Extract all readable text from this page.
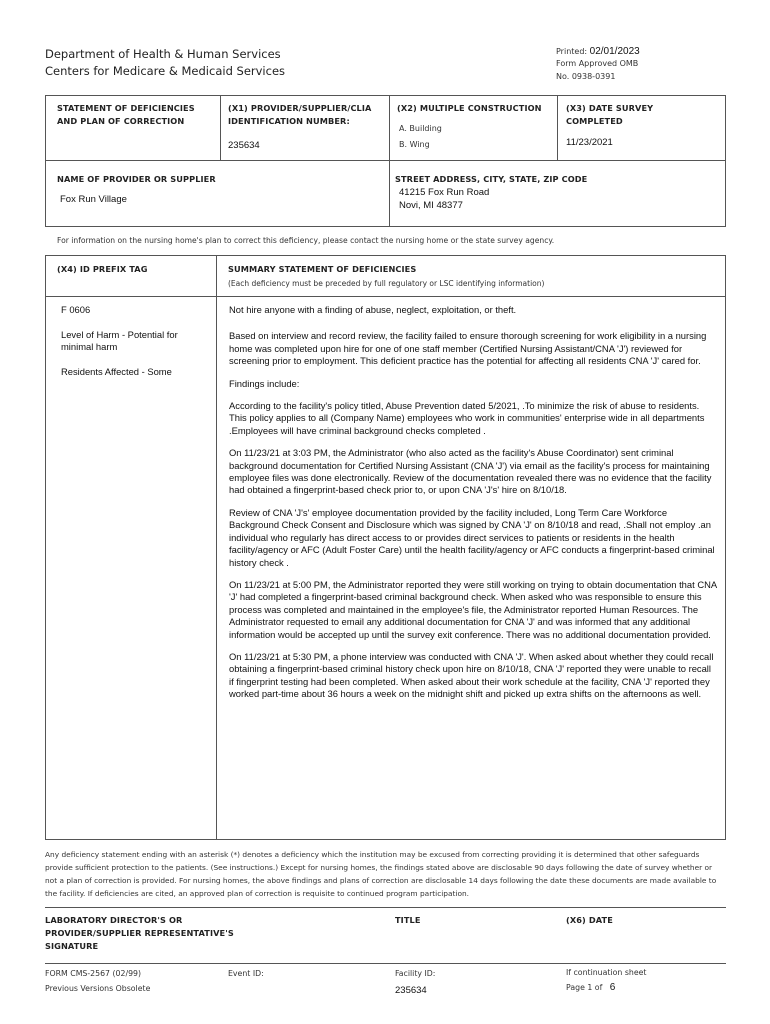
Department of Health & Human Services
Centers for Medicare & Medicaid Services
Printed: 02/01/2023
Form Approved OMB
No. 0938-0391
STATEMENT OF DEFICIENCIES AND PLAN OF CORRECTION
(X1) PROVIDER/SUPPLIER/CLIA IDENTIFICATION NUMBER:
235634
(X2) MULTIPLE CONSTRUCTION
A. Building
B. Wing
(X3) DATE SURVEY COMPLETED
11/23/2021
NAME OF PROVIDER OR SUPPLIER
Fox Run Village
STREET ADDRESS, CITY, STATE, ZIP CODE
41215 Fox Run Road
Novi, MI 48377
For information on the nursing home's plan to correct this deficiency, please contact the nursing home or the state survey agency.
(X4) ID PREFIX TAG	SUMMARY STATEMENT OF DEFICIENCIES
(Each deficiency must be preceded by full regulatory or LSC identifying information)
F 0606
Level of Harm - Potential for minimal harm
Residents Affected - Some

Not hire anyone with a finding of abuse, neglect, exploitation, or theft.

Based on interview and record review, the facility failed to ensure thorough screening for work eligibility in a nursing home was completed upon hire for one of one staff member (Certified Nursing Assistant/CNA 'J') reviewed for screening prior to employment. This deficient practice has the potential for affecting all residents CNA 'J' cared for.

Findings include:

According to the facility's policy titled, Abuse Prevention dated 5/2021, .To minimize the risk of abuse to residents. This policy applies to all (Company Name) employees who work in communities' enterprise wide in all departments .Employees will have criminal background checks completed .

On 11/23/21 at 3:03 PM, the Administrator (who also acted as the facility's Abuse Coordinator) sent criminal background documentation for Certified Nursing Assistant (CNA 'J') via email as the facility's process for maintaining employee files was done electronically. Review of the documentation revealed there was no evidence that the facility had obtained a fingerprint-based check prior to, or upon CNA 'J's' hire on 8/10/18.

Review of CNA 'J's' employee documentation provided by the facility included, Long Term Care Workforce Background Check Consent and Disclosure which was signed by CNA 'J' on 8/10/18 and read, .Shall not employ .an individual who regularly has direct access to or provides direct services to patients or residents in the health facility/agency or AFC (Adult Foster Care) until the health facility/agency or AFC conducts a fingerprint-based criminal history check .

On 11/23/21 at 5:00 PM, the Administrator reported they were still working on trying to obtain documentation that CNA 'J' had completed a fingerprint-based criminal background check. When asked who was responsible to ensure this process was completed and maintained in the employee's file, the Administrator reported Human Resources. The Administrator requested to email any additional documentation for CNA 'J' and was informed that any additional information would be accepted up until the survey exit conference. There was no additional documentation provided.

On 11/23/21 at 5:30 PM, a phone interview was conducted with CNA 'J'. When asked about whether they could recall obtaining a fingerprint-based criminal history check upon hire on 8/10/18, CNA 'J' reported they were unable to recall if fingerprint testing had been completed. When asked about their work schedule at the facility, CNA 'J' reported they worked part-time about 36 hours a week on the midnight shift and picked up extra shifts on the afternoons as well.

Any deficiency statement ending with an asterisk (*) denotes a deficiency which the institution may be excused from correcting providing it is determined that other safeguards provide sufficient protection to the patients. (See instructions.) Except for nursing homes, the findings stated above are disclosable 90 days following the date of survey whether or not a plan of correction is provided. For nursing homes, the above findings and plans of correction are disclosable 14 days following the date these documents are made available to the facility. If deficiencies are cited, an approved plan of correction is requisite to continued program participation.
LABORATORY DIRECTOR'S OR PROVIDER/SUPPLIER REPRESENTATIVE'S SIGNATURE
TITLE	(X6) DATE
FORM CMS-2567 (02/99)
Previous Versions Obsolete
Event ID:	Facility ID:
235634
If continuation sheet
Page 1 of 6
